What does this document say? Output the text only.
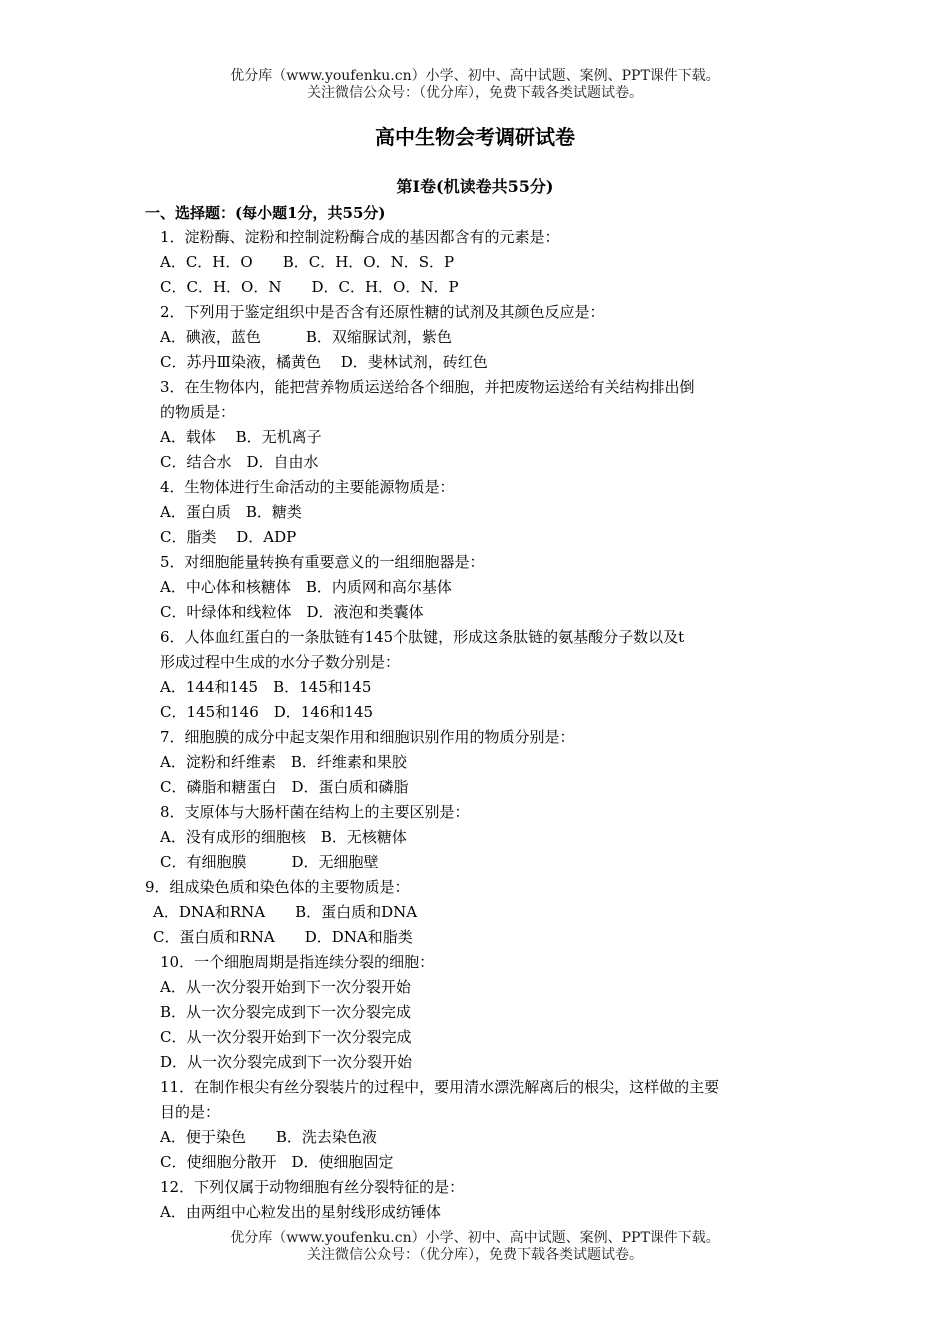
优分库（www.youfenku.cn）小学、初中、高中试题、案例、PPT课件下载。
关注微信公众号：（优分库），免费下载各类试题试卷。
高中生物会考调研试卷
第I卷(机读卷共55分)
一、选择题：(每小题1分，共55分)
1．淀粉酶、淀粉和控制淀粉酶合成的基因都含有的元素是：
A．C．H．O　　B．C．H．O．N．S．P
C．C．H．O．N　　D．C．H．O．N．P
2．下列用于鉴定组织中是否含有还原性糖的试剂及其颜色反应是：
A．碘液，蓝色　　　B．双缩脲试剂，紫色
C．苏丹Ⅲ染液，橘黄色　 D．斐林试剂，砖红色
3．在生物体内，能把营养物质运送给各个细胞，并把废物运送给有关结构排出倒
的物质是：
A．载体　 B．无机离子
C．结合水　D．自由水
4．生物体进行生命活动的主要能源物质是：
A．蛋白质　B．糖类
C．脂类　 D．ADP
5．对细胞能量转换有重要意义的一组细胞器是：
A．中心体和核糖体　B．内质网和高尔基体
C．叶绿体和线粒体　D．液泡和类囊体
6．人体血红蛋白的一条肽链有145个肽键，形成这条肽链的氨基酸分子数以及t
形成过程中生成的水分子数分别是：
A．144和145　B．145和145
C．145和146　D．146和145
7．细胞膜的成分中起支架作用和细胞识别作用的物质分别是：
A．淀粉和纤维素　B．纤维素和果胶
C．磷脂和糖蛋白　D．蛋白质和磷脂
8．支原体与大肠杆菌在结构上的主要区别是：
A．没有成形的细胞核　B．无核糖体
C．有细胞膜　　　D．无细胞壁
9．组成染色质和染色体的主要物质是：
A．DNA和RNA　　B．蛋白质和DNA
C．蛋白质和RNA　　D．DNA和脂类
10．一个细胞周期是指连续分裂的细胞：
A．从一次分裂开始到下一次分裂开始
B．从一次分裂完成到下一次分裂完成
C．从一次分裂开始到下一次分裂完成
D．从一次分裂完成到下一次分裂开始
11．在制作根尖有丝分裂装片的过程中，要用清水漂洗解离后的根尖，这样做的主要
目的是：
A．便于染色　　B．洗去染色液
C．使细胞分散开　D．使细胞固定
12．下列仅属于动物细胞有丝分裂特征的是：
A．由两组中心粒发出的星射线形成纺锤体
优分库（www.youfenku.cn）小学、初中、高中试题、案例、PPT课件下载。
关注微信公众号：（优分库），免费下载各类试题试卷。
